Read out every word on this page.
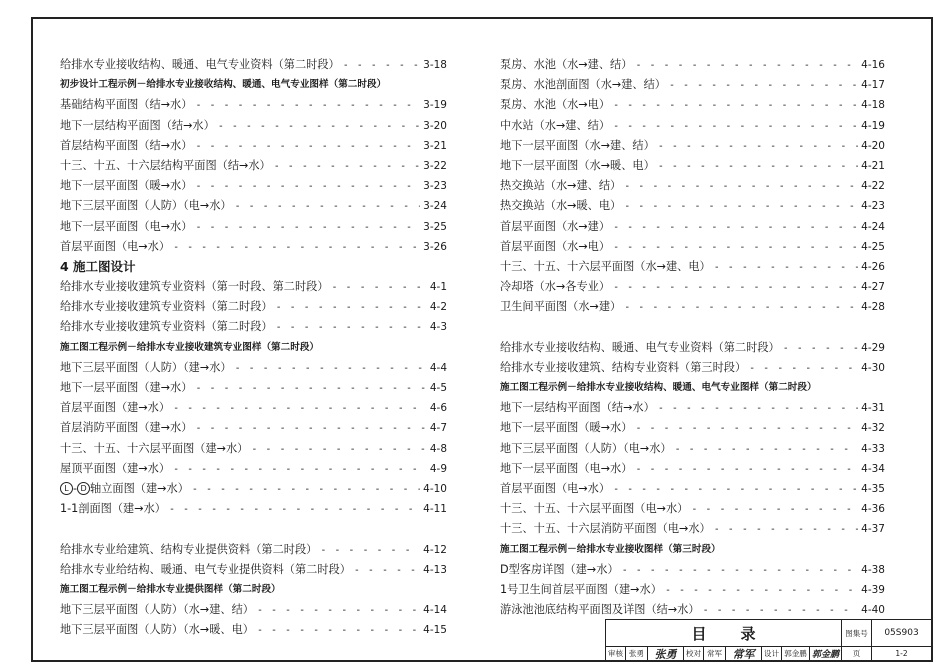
给排水专业接收结构、暖通、电气专业资料（第二时段） - - -	3-18
初步设计工程示例－给排水专业接收结构、暖通、电气专业图样（第二时段）
基础结构平面图（结→水） - - -	3-19
地下一层结构平面图（结→水） - - -	3-20
首层结构平面图（结→水） - - -	3-21
十三、十五、十六层结构平面图（结→水） - - -	3-22
地下一层平面图（暖→水） - - -	3-23
地下三层平面图（人防）（电→水） - - -	3-24
地下一层平面图（电→水） - - -	3-25
首层平面图（电→水） - - -	3-26
4 施工图设计
给排水专业接收建筑专业资料（第一时段、第二时段） - - -	4-1
给排水专业接收建筑专业资料（第二时段） - - -	4-2
给排水专业接收建筑专业资料（第二时段） - - -	4-3
施工图工程示例－给排水专业接收建筑专业图样（第二时段）
地下三层平面图（人防）（建→水） - - -	4-4
地下一层平面图（建→水） - - -	4-5
首层平面图（建→水） - - -	4-6
首层消防平面图（建→水） - - -	4-7
十三、十五、十六层平面图（建→水） - - -	4-8
屋顶平面图（建→水） - - -	4-9
L - D 轴立面图（建→水） - - -	4-10
1-1剖面图（建→水） - - -	4-11
给排水专业给建筑、结构专业提供资料（第二时段） - - -	4-12
给排水专业给结构、暖通、电气专业提供资料（第二时段） - - -	4-13
施工图工程示例－给排水专业提供图样（第二时段）
地下三层平面图（人防）（水→建、结） - - -	4-14
地下三层平面图（人防）（水→暖、电） - - -	4-15
泵房、水池（水→建、结） - - -	4-16
泵房、水池剖面图（水→建、结） - - -	4-17
泵房、水池（水→电） - - -	4-18
中水站（水→建、结） - - -	4-19
地下一层平面图（水→建、结） - - -	4-20
地下一层平面图（水→暖、电） - - -	4-21
热交换站（水→建、结） - - -	4-22
热交换站（水→暖、电） - - -	4-23
首层平面图（水→建） - - -	4-24
首层平面图（水→电） - - -	4-25
十三、十五、十六层平面图（水→建、电） - - -	4-26
冷却塔（水→各专业） - - -	4-27
卫生间平面图（水→建） - - -	4-28
给排水专业接收结构、暖通、电气专业资料（第二时段） - - -	4-29
给排水专业接收建筑、结构专业资料（第三时段） - - -	4-30
施工图工程示例－给排水专业接收结构、暖通、电气专业图样（第二时段）
地下一层结构平面图（结→水） - - -	4-31
地下一层平面图（暖→水） - - -	4-32
地下三层平面图（人防）（电→水） - - -	4-33
地下一层平面图（电→水） - - -	4-34
首层平面图（电→水） - - -	4-35
十三、十五、十六层平面图（电→水） - - -	4-36
十三、十五、十六层消防平面图（电→水） - - -	4-37
施工图工程示例－给排水专业接收图样（第三时段）
D型客房详图（建→水） - - -	4-38
1号卫生间首层平面图（建→水） - - -	4-39
游泳池池底结构平面图及详图（结→水） - - -	4-40
目录	图集号	05S903
审核 张勇 张勇 校对 常军 常军 设计 郭金鹏 郭金鹏	页	1-2
